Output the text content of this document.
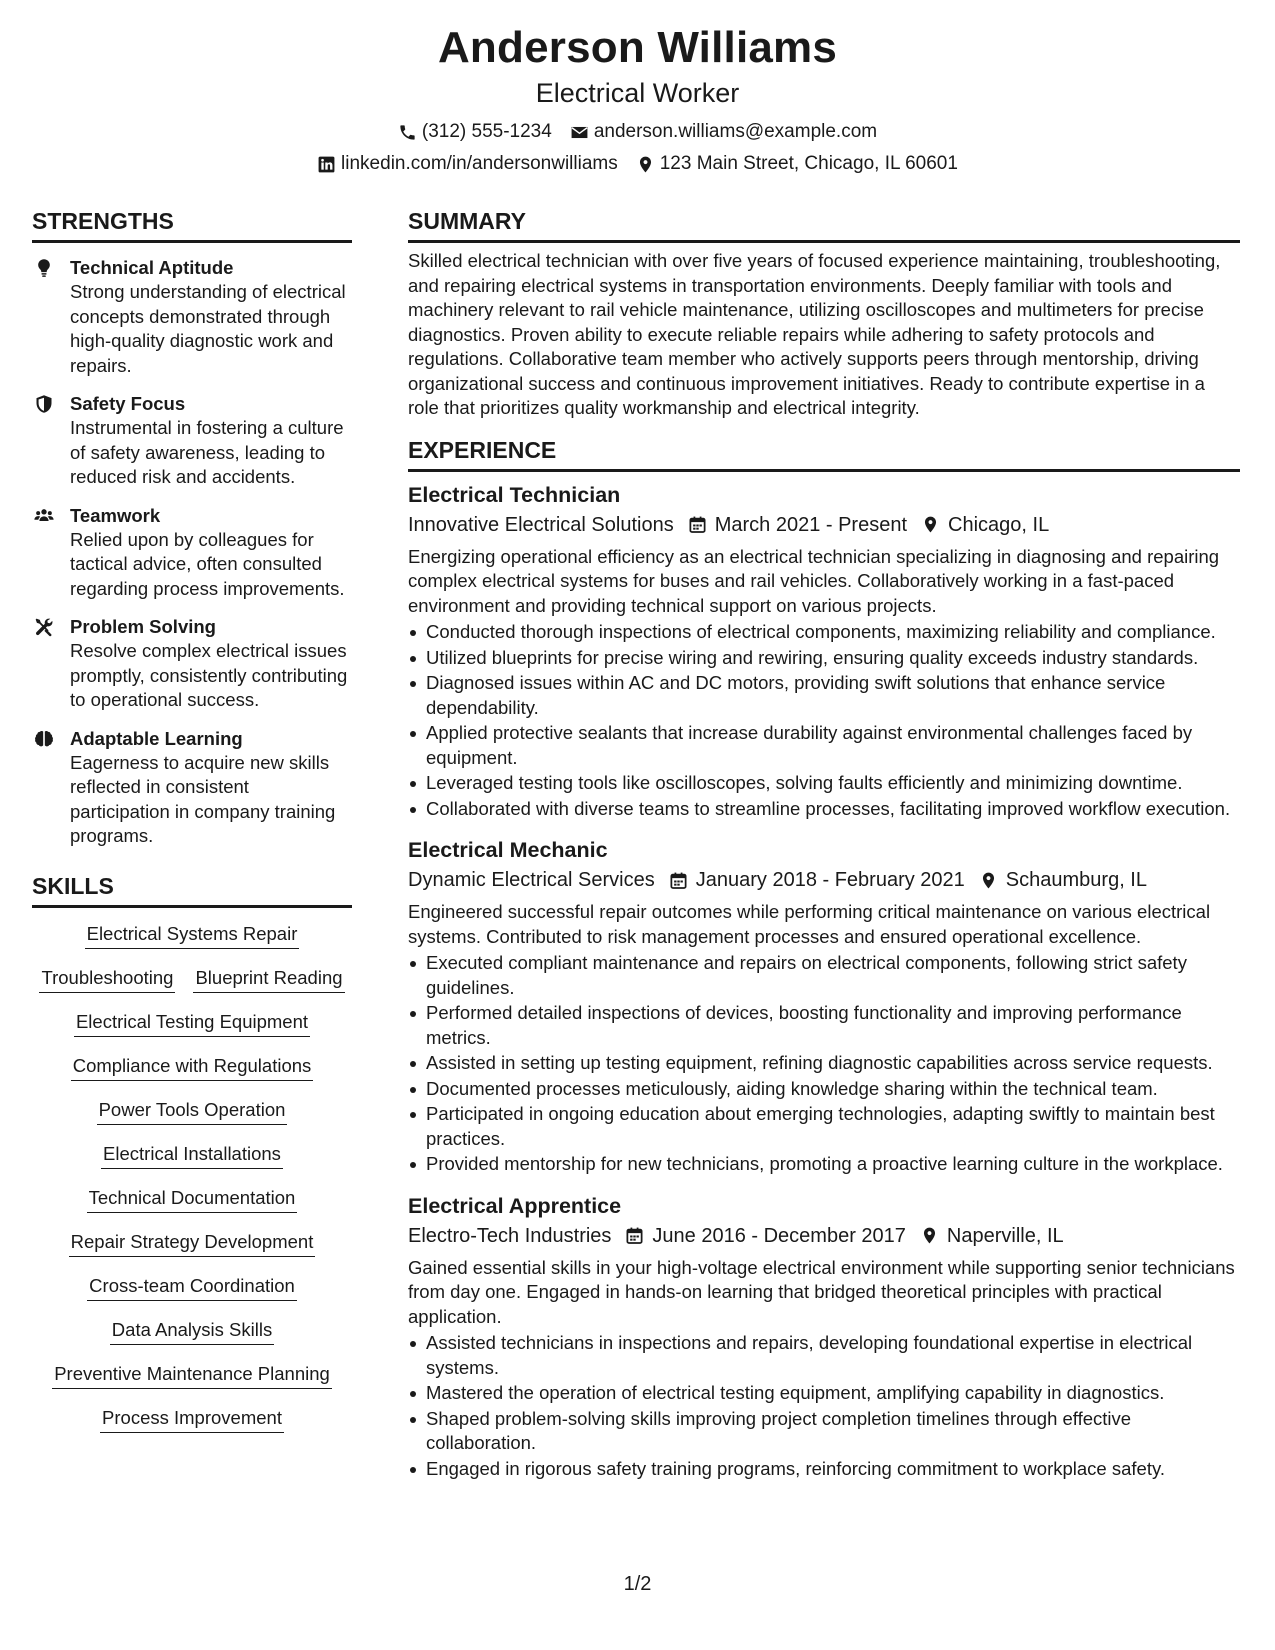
Anderson Williams
Electrical Worker
(312) 555-1234 anderson.williams@example.com
linkedin.com/in/andersonwilliams 123 Main Street, Chicago, IL 60601
STRENGTHS
Technical Aptitude
Strong understanding of electrical concepts demonstrated through high-quality diagnostic work and repairs.
Safety Focus
Instrumental in fostering a culture of safety awareness, leading to reduced risk and accidents.
Teamwork
Relied upon by colleagues for tactical advice, often consulted regarding process improvements.
Problem Solving
Resolve complex electrical issues promptly, consistently contributing to operational success.
Adaptable Learning
Eagerness to acquire new skills reflected in consistent participation in company training programs.
SKILLS
Electrical Systems Repair
Troubleshooting Blueprint Reading
Electrical Testing Equipment
Compliance with Regulations
Power Tools Operation
Electrical Installations
Technical Documentation
Repair Strategy Development
Cross-team Coordination
Data Analysis Skills
Preventive Maintenance Planning
Process Improvement
SUMMARY
Skilled electrical technician with over five years of focused experience maintaining, troubleshooting, and repairing electrical systems in transportation environments. Deeply familiar with tools and machinery relevant to rail vehicle maintenance, utilizing oscilloscopes and multimeters for precise diagnostics. Proven ability to execute reliable repairs while adhering to safety protocols and regulations. Collaborative team member who actively supports peers through mentorship, driving organizational success and continuous improvement initiatives. Ready to contribute expertise in a role that prioritizes quality workmanship and electrical integrity.
EXPERIENCE
Electrical Technician
Innovative Electrical Solutions March 2021 - Present Chicago, IL
Energizing operational efficiency as an electrical technician specializing in diagnosing and repairing complex electrical systems for buses and rail vehicles. Collaboratively working in a fast-paced environment and providing technical support on various projects.
Conducted thorough inspections of electrical components, maximizing reliability and compliance.
Utilized blueprints for precise wiring and rewiring, ensuring quality exceeds industry standards.
Diagnosed issues within AC and DC motors, providing swift solutions that enhance service dependability.
Applied protective sealants that increase durability against environmental challenges faced by equipment.
Leveraged testing tools like oscilloscopes, solving faults efficiently and minimizing downtime.
Collaborated with diverse teams to streamline processes, facilitating improved workflow execution.
Electrical Mechanic
Dynamic Electrical Services January 2018 - February 2021 Schaumburg, IL
Engineered successful repair outcomes while performing critical maintenance on various electrical systems. Contributed to risk management processes and ensured operational excellence.
Executed compliant maintenance and repairs on electrical components, following strict safety guidelines.
Performed detailed inspections of devices, boosting functionality and improving performance metrics.
Assisted in setting up testing equipment, refining diagnostic capabilities across service requests.
Documented processes meticulously, aiding knowledge sharing within the technical team.
Participated in ongoing education about emerging technologies, adapting swiftly to maintain best practices.
Provided mentorship for new technicians, promoting a proactive learning culture in the workplace.
Electrical Apprentice
Electro-Tech Industries June 2016 - December 2017 Naperville, IL
Gained essential skills in your high-voltage electrical environment while supporting senior technicians from day one. Engaged in hands-on learning that bridged theoretical principles with practical application.
Assisted technicians in inspections and repairs, developing foundational expertise in electrical systems.
Mastered the operation of electrical testing equipment, amplifying capability in diagnostics.
Shaped problem-solving skills improving project completion timelines through effective collaboration.
Engaged in rigorous safety training programs, reinforcing commitment to workplace safety.
1/2
